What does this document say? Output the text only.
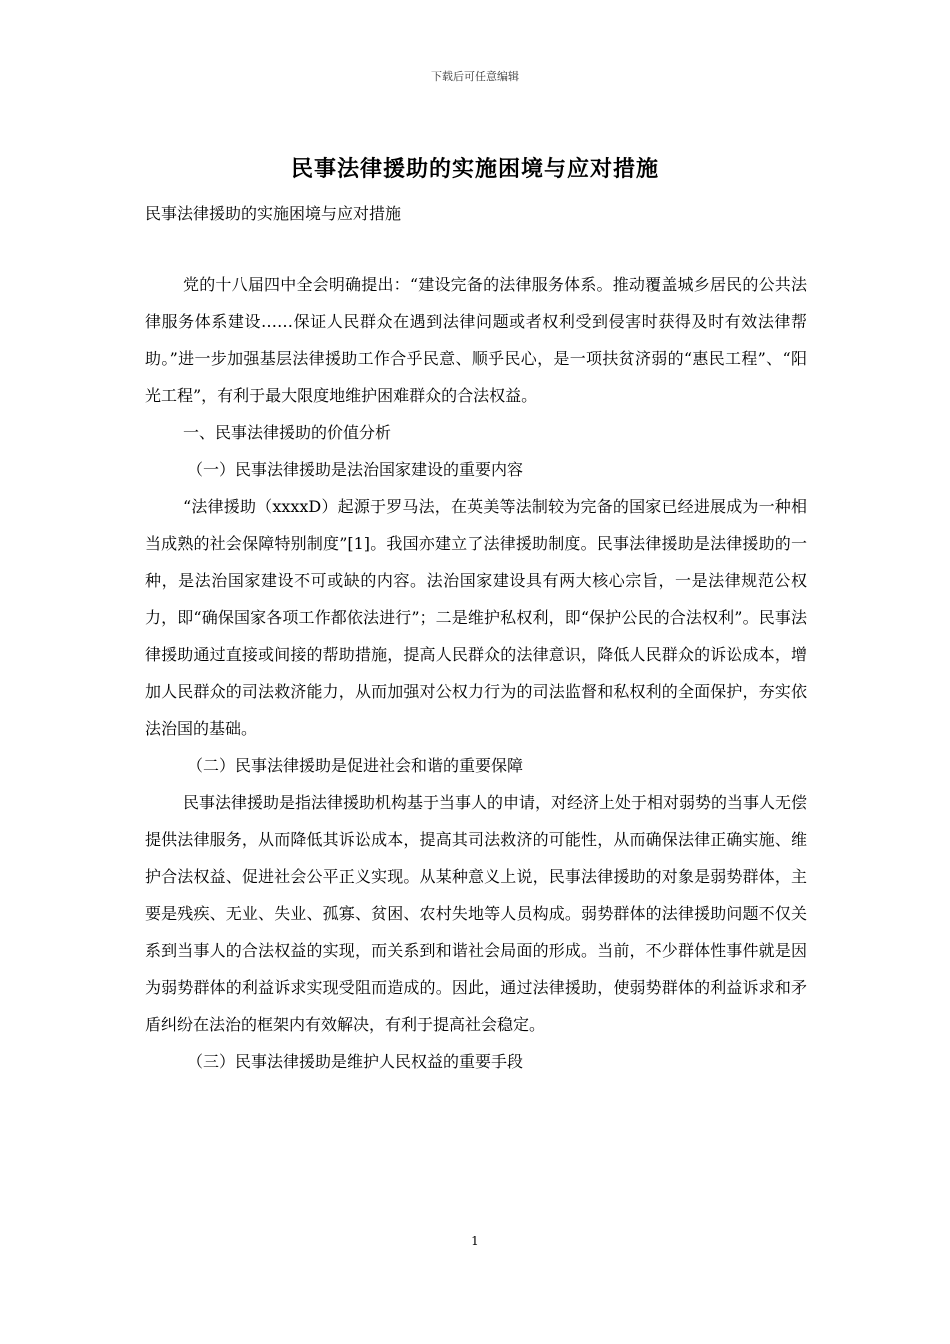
下载后可任意编辑
民事法律援助的实施困境与应对措施
民事法律援助的实施困境与应对措施

党的十八届四中全会明确提出：“建设完备的法律服务体系。推动覆盖城乡居民的公共法律服务体系建设……保证人民群众在遇到法律问题或者权利受到侵害时获得及时有效法律帮助。”进一步加强基层法律援助工作合乎民意、顺乎民心，是一项扶贫济弱的“惠民工程”、“阳光工程”，有利于最大限度地维护困难群众的合法权益。

一、民事法律援助的价值分析

（一）民事法律援助是法治国家建设的重要内容

“法律援助（xxxxD）起源于罗马法，在英美等法制较为完备的国家已经进展成为一种相当成熟的社会保障特别制度”[1]。我国亦建立了法律援助制度。民事法律援助是法律援助的一种，是法治国家建设不可或缺的内容。法治国家建设具有两大核心宗旨，一是法律规范公权力，即“确保国家各项工作都依法进行”；二是维护私权利，即“保护公民的合法权利”。民事法律援助通过直接或间接的帮助措施，提高人民群众的法律意识，降低人民群众的诉讼成本，增加人民群众的司法救济能力，从而加强对公权力行为的司法监督和私权利的全面保护，夯实依法治国的基础。

（二）民事法律援助是促进社会和谐的重要保障

民事法律援助是指法律援助机构基于当事人的申请，对经济上处于相对弱势的当事人无偿提供法律服务，从而降低其诉讼成本，提高其司法救济的可能性，从而确保法律正确实施、维护合法权益、促进社会公平正义实现。从某种意义上说，民事法律援助的对象是弱势群体，主要是残疾、无业、失业、孤寡、贫困、农村失地等人员构成。弱势群体的法律援助问题不仅关系到当事人的合法权益的实现，而关系到和谐社会局面的形成。当前，不少群体性事件就是因为弱势群体的利益诉求实现受阻而造成的。因此，通过法律援助，使弱势群体的利益诉求和矛盾纠纷在法治的框架内有效解决，有利于提高社会稳定。

（三）民事法律援助是维护人民权益的重要手段

1
